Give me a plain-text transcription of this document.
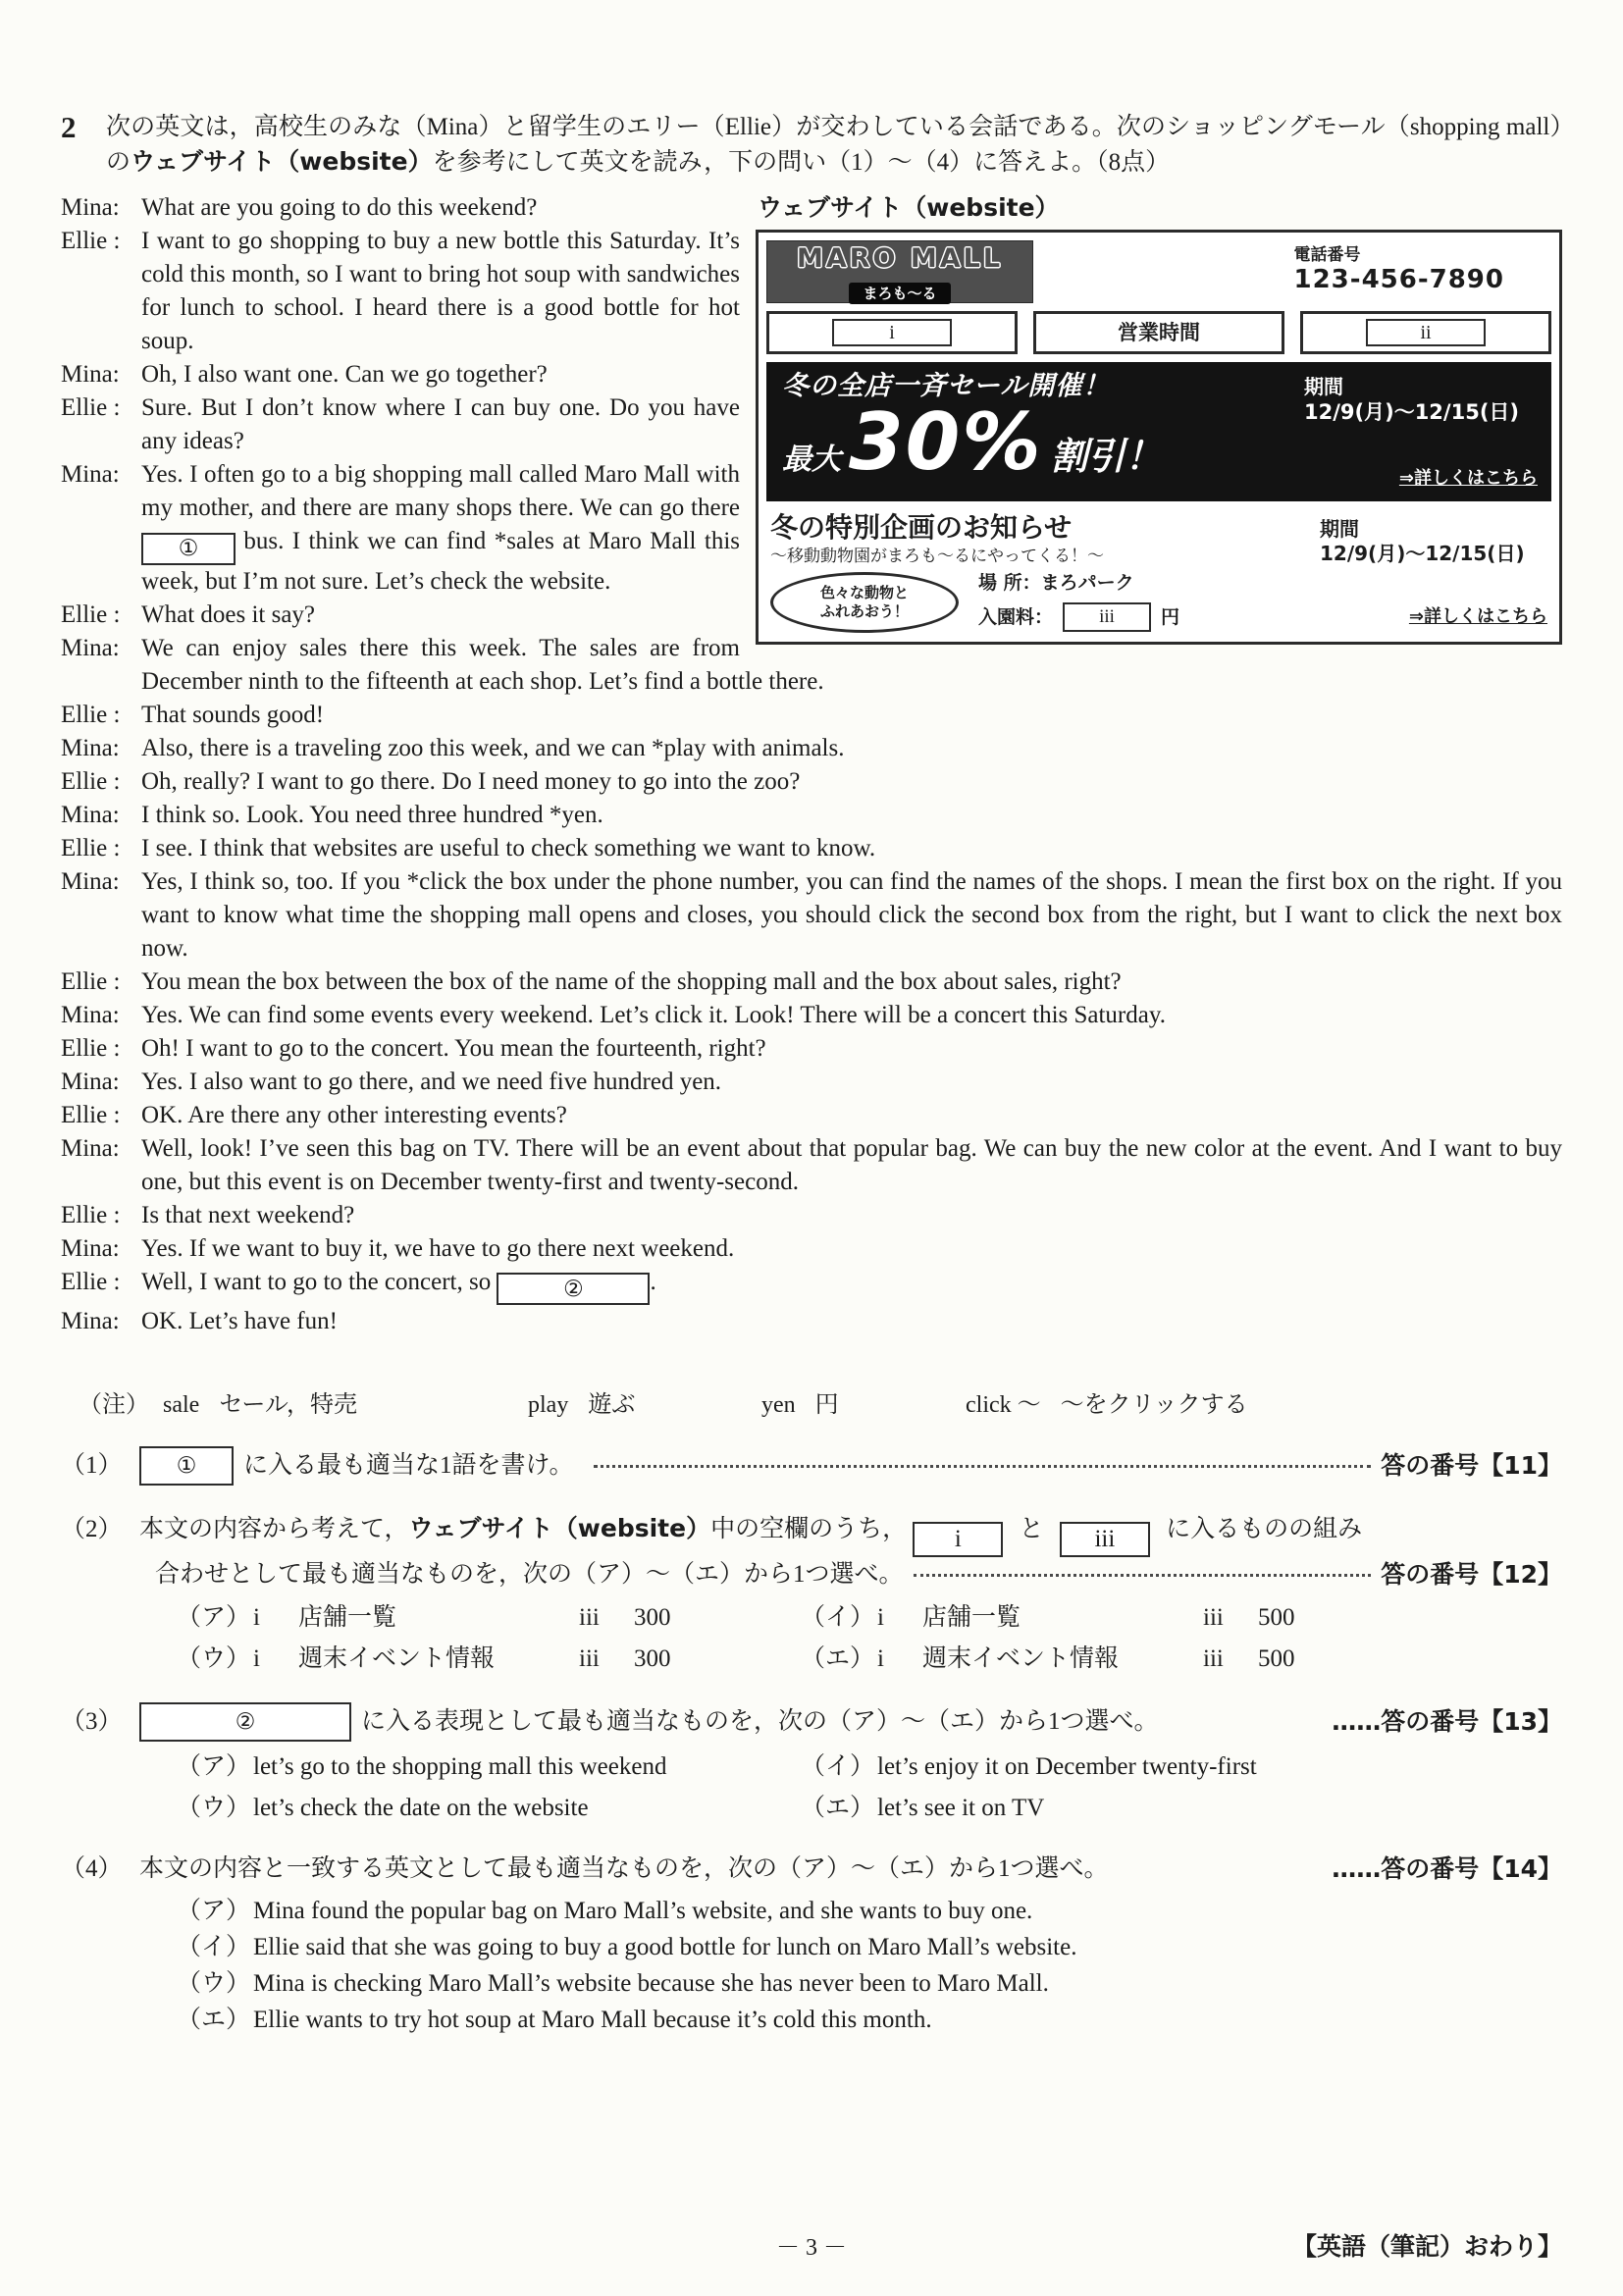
2	次の英文は，高校生のみな（Mina）と留学生のエリー（Ellie）が交わしている会話である。次のショッピングモール（shopping mall）のウェブサイト（website）を参考にして英文を読み，下の問い（1）～（4）に答えよ。（8点）
ウェブサイト（website）
MARO MALL
まろも～る
電話番号
123-456-7890
i	営業時間	ii
冬の全店一斉セール開催！
最大 30% 割引！
期間
12/9(月)～12/15(日)
⇒詳しくはこちら
冬の特別企画のお知らせ
～移動動物園がまろも～るにやってくる！～
色々な動物と
ふれあおう！
場 所：まろパーク
入園料：	iii	円
期間
12/9(月)～12/15(日)
⇒詳しくはこちら
Mina: What are you going to do this weekend?
Ellie : I want to go shopping to buy a new bottle this Saturday. It’s cold this month, so I want to bring hot soup with sandwiches for lunch to school. I heard there is a good bottle for hot soup.
Mina: Oh, I also want one. Can we go together?
Ellie : Sure. But I don’t know where I can buy one. Do you have any ideas?
Mina: Yes. I often go to a big shopping mall called Maro Mall with my mother, and there are many shops there. We can go there ① bus. I think we can find *sales at Maro Mall this week, but I’m not sure. Let’s check the website.
Ellie : What does it say?
Mina: We can enjoy sales there this week. The sales are from December ninth to the fifteenth at each shop. Let’s find a bottle there.
Ellie : That sounds good!
Mina: Also, there is a traveling zoo this week, and we can *play with animals.
Ellie : Oh, really? I want to go there. Do I need money to go into the zoo?
Mina: I think so. Look. You need three hundred *yen.
Ellie : I see. I think that websites are useful to check something we want to know.
Mina: Yes, I think so, too. If you *click the box under the phone number, you can find the names of the shops. I mean the first box on the right. If you want to know what time the shopping mall opens and closes, you should click the second box from the right, but I want to click the next box now.
Ellie : You mean the box between the box of the name of the shopping mall and the box about sales, right?
Mina: Yes. We can find some events every weekend. Let’s click it. Look! There will be a concert this Saturday.
Ellie : Oh! I want to go to the concert. You mean the fourteenth, right?
Mina: Yes. I also want to go there, and we need five hundred yen.
Ellie : OK. Are there any other interesting events?
Mina: Well, look! I’ve seen this bag on TV. There will be an event about that popular bag. We can buy the new color at the event. And I want to buy one, but this event is on December twenty-first and twenty-second.
Ellie : Is that next weekend?
Mina: Yes. If we want to buy it, we have to go there next weekend.
Ellie : Well, I want to go to the concert, so	②	.
Mina: OK. Let’s have fun!
（注） sale セール，特売	play 遊ぶ	yen 円	click ～ ～をクリックする
（1）	①	に入る最も適当な1語を書け。	答の番号【11】
（2） 本文の内容から考えて，ウェブサイト（website）中の空欄のうち， i と iii に入るものの組み
合わせとして最も適当なものを，次の（ア）～（エ）から1つ選べ。	答の番号【12】
（ア） i	店舗一覧	iii	300	（イ） i	店舗一覧	iii	500
（ウ） i	週末イベント情報	iii	300	（エ） i	週末イベント情報	iii	500
（3）	②	に入る表現として最も適当なものを，次の（ア）～（エ）から1つ選べ。	……答の番号【13】
（ア） let’s go to the shopping mall this weekend	（イ） let’s enjoy it on December twenty-first
（ウ） let’s check the date on the website	（エ） let’s see it on TV
（4） 本文の内容と一致する英文として最も適当なものを，次の（ア）～（エ）から1つ選べ。	……答の番号【14】
（ア） Mina found the popular bag on Maro Mall’s website, and she wants to buy one.
（イ） Ellie said that she was going to buy a good bottle for lunch on Maro Mall’s website.
（ウ） Mina is checking Maro Mall’s website because she has never been to Maro Mall.
（エ） Ellie wants to try hot soup at Maro Mall because it’s cold this month.
－ 3 －	【英語（筆記）おわり】
